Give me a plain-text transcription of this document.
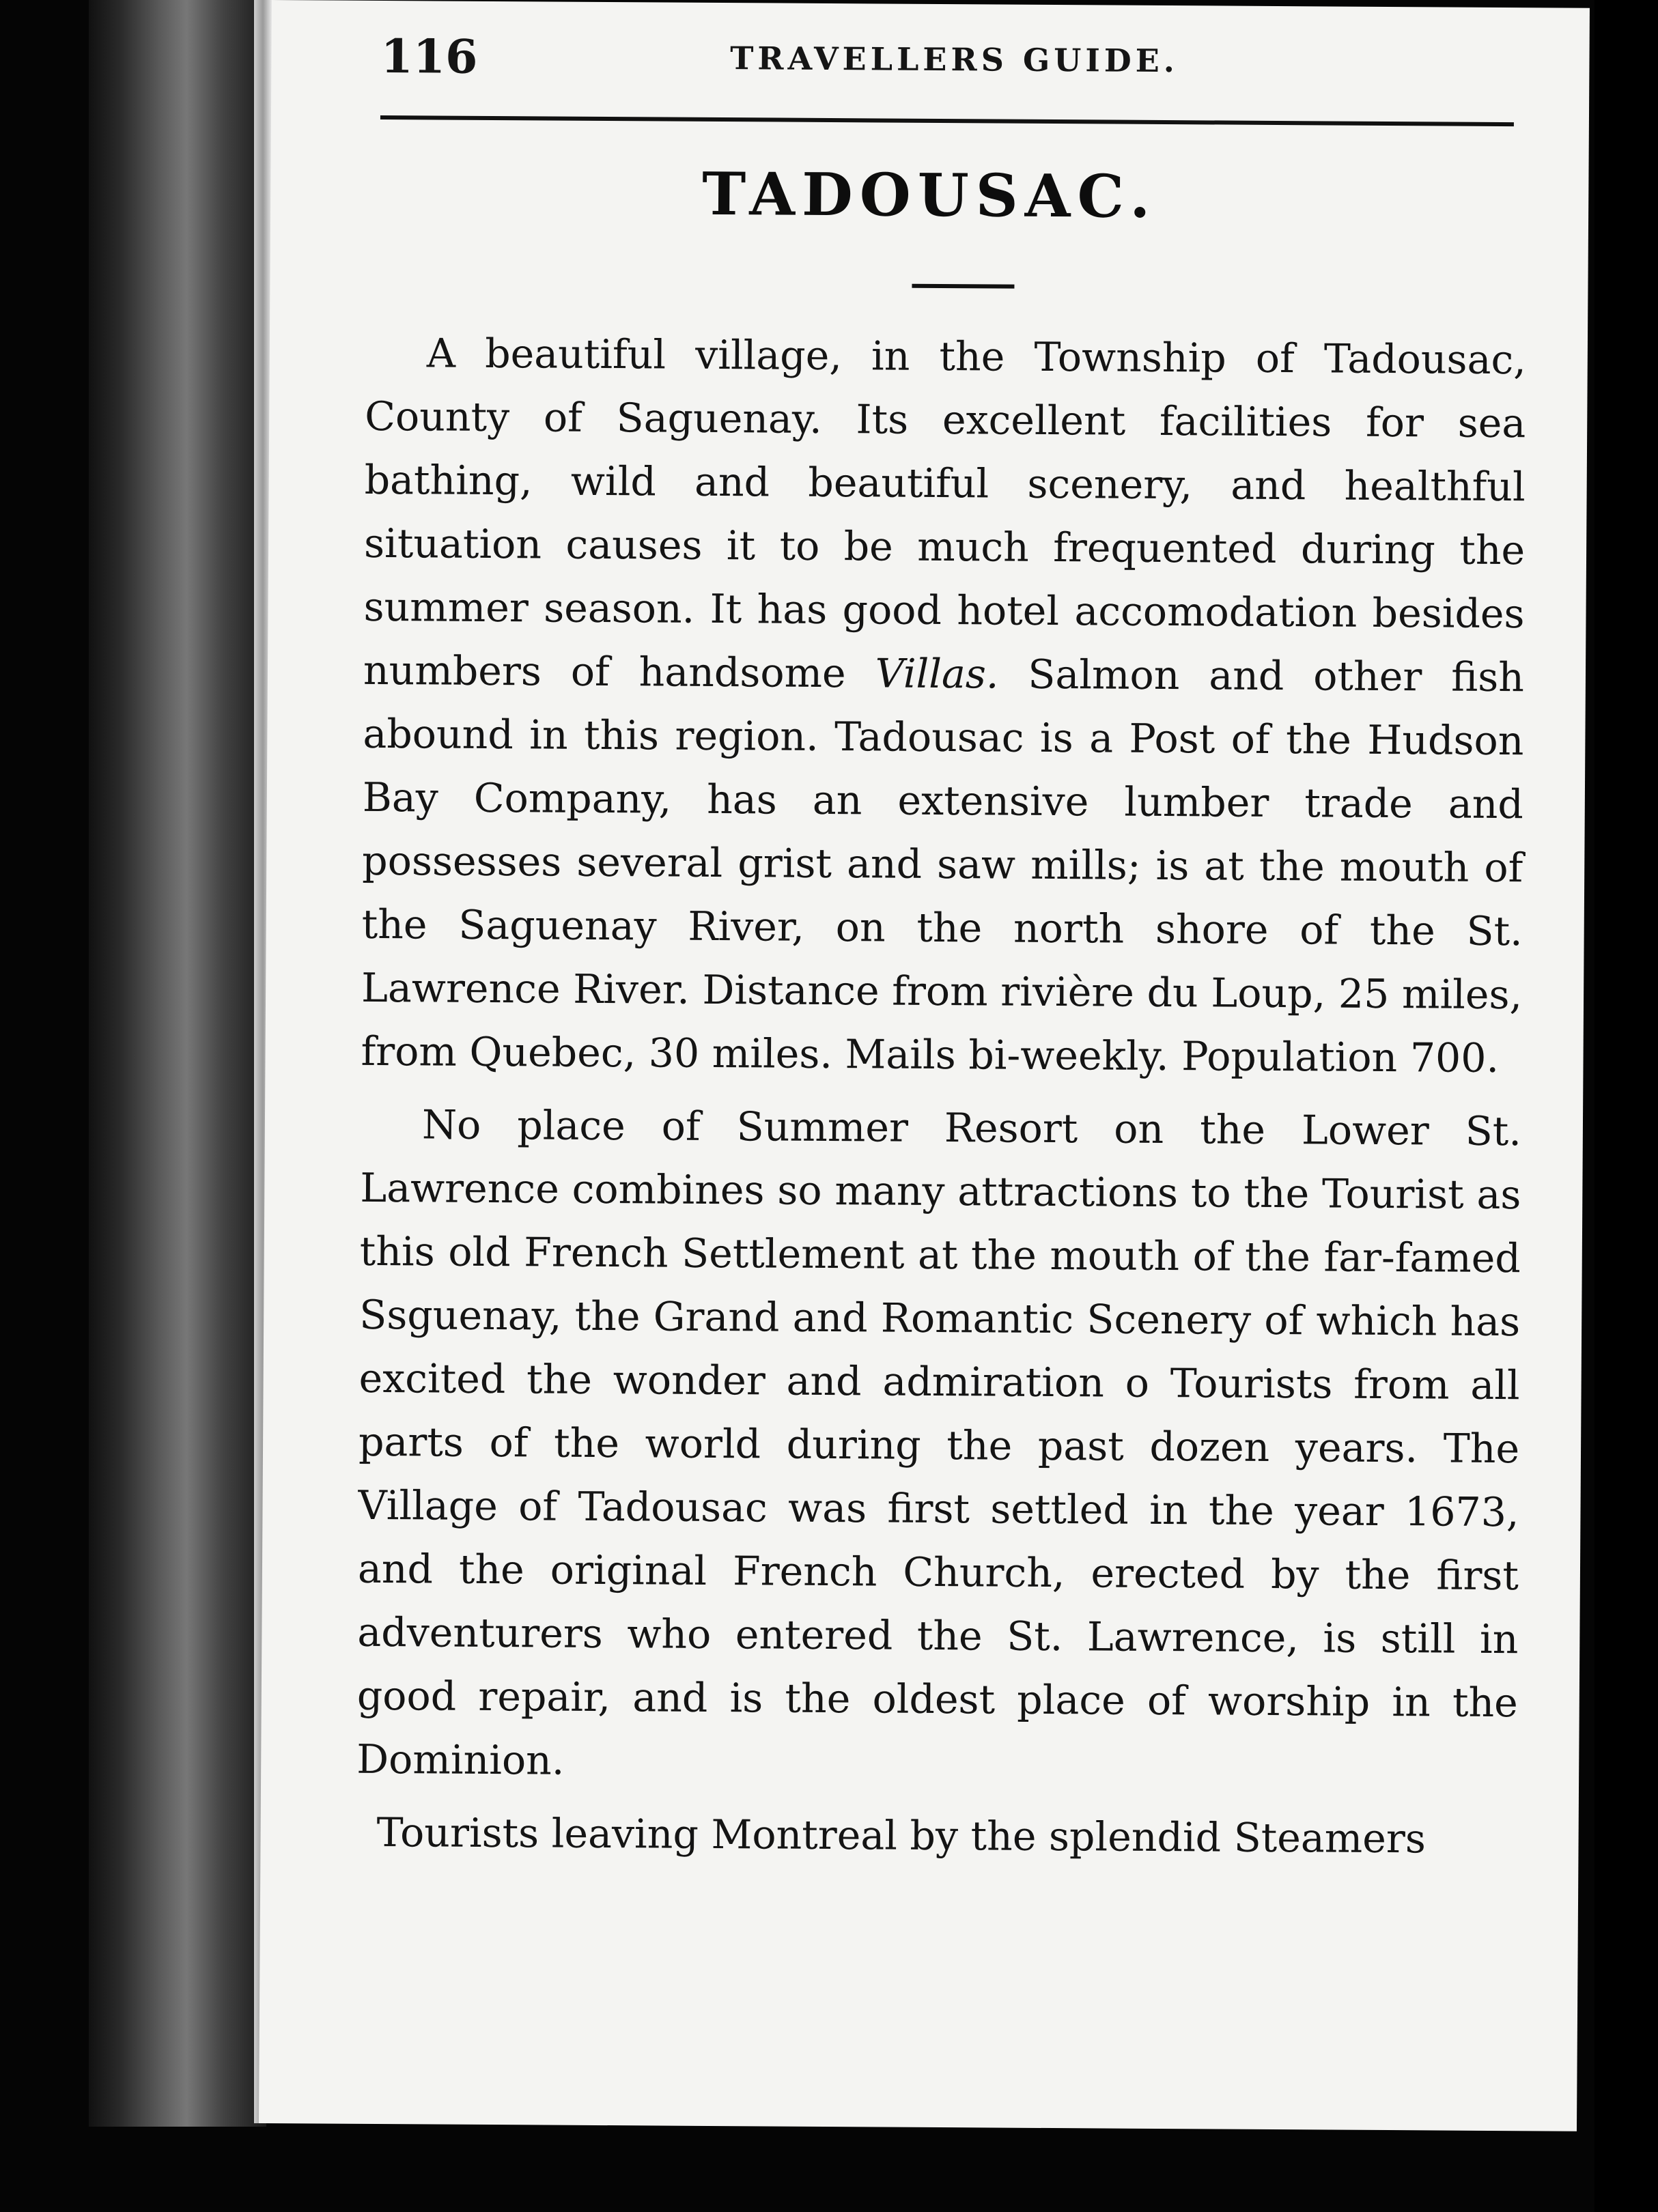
116	TRAVELLERS GUIDE.
TADOUSAC.

A beautiful village, in the Township of Tadousac, County of Saguenay. Its excellent facilities for sea bathing, wild and beautiful scenery, and healthful situation causes it to be much frequented during the summer season. It has good hotel accomodation besides numbers of handsome Villas. Salmon and other fish abound in this region. Tadousac is a Post of the Hudson Bay Company, has an extensive lumber trade and possesses several grist and saw mills; is at the mouth of the Saguenay River, on the north shore of the St. Lawrence River. Distance from rivière du Loup, 25 miles, from Quebec, 30 miles. Mails bi-weekly. Population 700.

No place of Summer Resort on the Lower St. Lawrence combines so many attractions to the Tourist as this old French Settlement at the mouth of the far-famed Ssguenay, the Grand and Romantic Scenery of which has excited the wonder and admiration o Tourists from all parts of the world during the past dozen years. The Village of Tadousac was first settled in the year 1673, and the original French Church, erected by the first adventurers who entered the St. Lawrence, is still in good repair, and is the oldest place of worship in the Dominion.

Tourists leaving Montreal by the splendid Steamers
